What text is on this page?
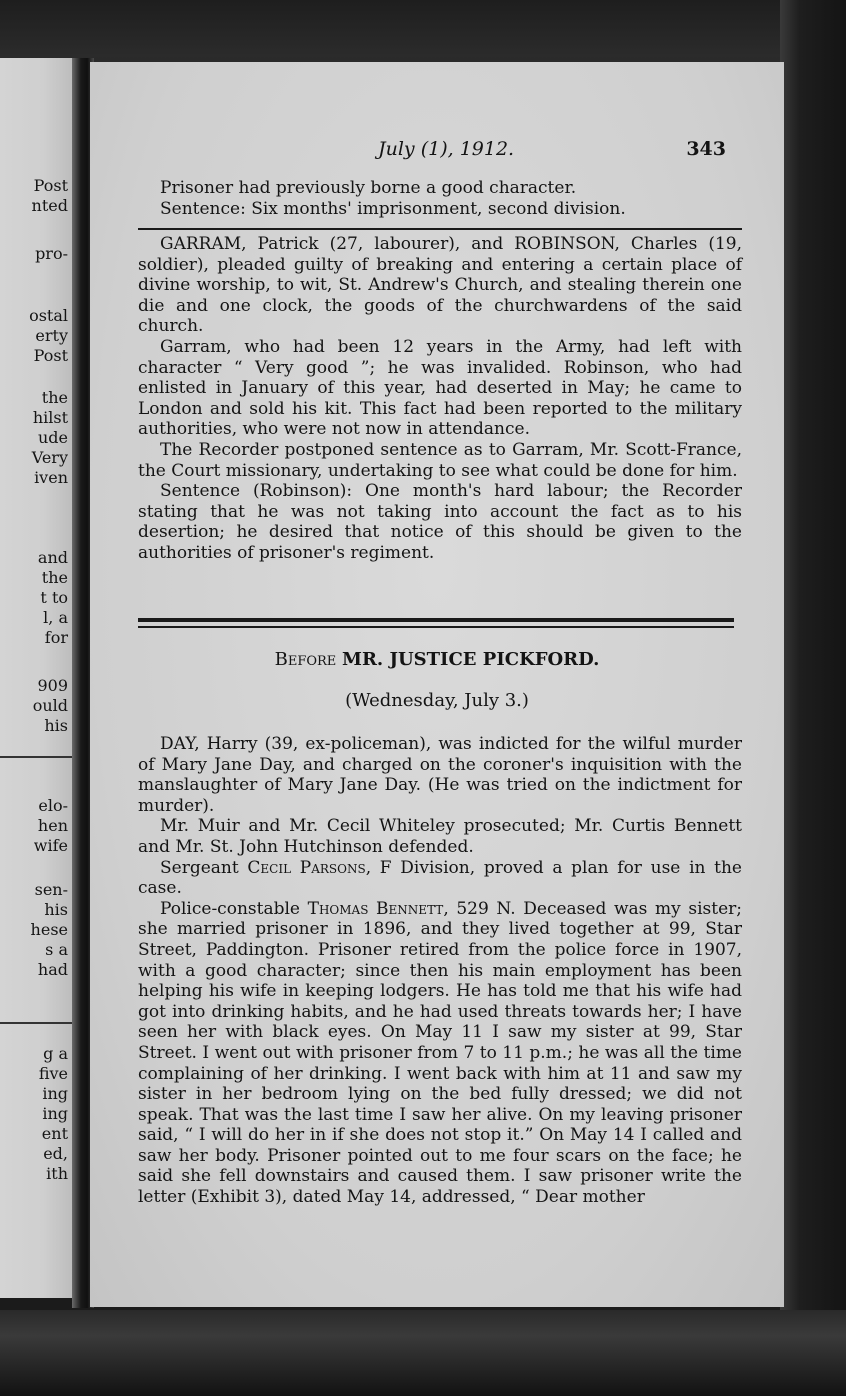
Post
nted
pro-
ostal
erty
Post
the
hilst
ude
Very
iven
and
the
t to
l, a
for
909
ould
his
elo-
hen
wife
sen-
his
hese
s a
had
g a
five
ing
ing
ent
ed,
ith
July (1), 1912.	343

Prisoner had previously borne a good character.

Sentence: Six months' imprisonment, second division.

GARRAM, Patrick (27, labourer), and ROBINSON, Charles (19, soldier), pleaded guilty of breaking and entering a certain place of divine worship, to wit, St. Andrew's Church, and stealing therein one die and one clock, the goods of the churchwardens of the said church.

Garram, who had been 12 years in the Army, had left with character “ Very good ”; he was invalided. Robinson, who had enlisted in January of this year, had deserted in May; he came to London and sold his kit. This fact had been reported to the military authorities, who were not now in attendance.

The Recorder postponed sentence as to Garram, Mr. Scott-France, the Court missionary, undertaking to see what could be done for him.

Sentence (Robinson): One month's hard labour; the Recorder stating that he was not taking into account the fact as to his desertion; he desired that notice of this should be given to the authorities of prisoner's regiment.

Before MR. JUSTICE PICKFORD.
(Wednesday, July 3.)

DAY, Harry (39, ex-policeman), was indicted for the wilful murder of Mary Jane Day, and charged on the coroner's inquisition with the manslaughter of Mary Jane Day. (He was tried on the indictment for murder).

Mr. Muir and Mr. Cecil Whiteley prosecuted; Mr. Curtis Bennett and Mr. St. John Hutchinson defended.

Sergeant Cecil Parsons, F Division, proved a plan for use in the case.

Police-constable Thomas Bennett, 529 N. Deceased was my sister; she married prisoner in 1896, and they lived together at 99, Star Street, Paddington. Prisoner retired from the police force in 1907, with a good character; since then his main employment has been helping his wife in keeping lodgers. He has told me that his wife had got into drinking habits, and he had used threats towards her; I have seen her with black eyes. On May 11 I saw my sister at 99, Star Street. I went out with prisoner from 7 to 11 p.m.; he was all the time complaining of her drinking. I went back with him at 11 and saw my sister in her bedroom lying on the bed fully dressed; we did not speak. That was the last time I saw her alive. On my leaving prisoner said, “ I will do her in if she does not stop it.” On May 14 I called and saw her body. Prisoner pointed out to me four scars on the face; he said she fell downstairs and caused them. I saw prisoner write the letter (Exhibit 3), dated May 14, addressed, “ Dear mother
